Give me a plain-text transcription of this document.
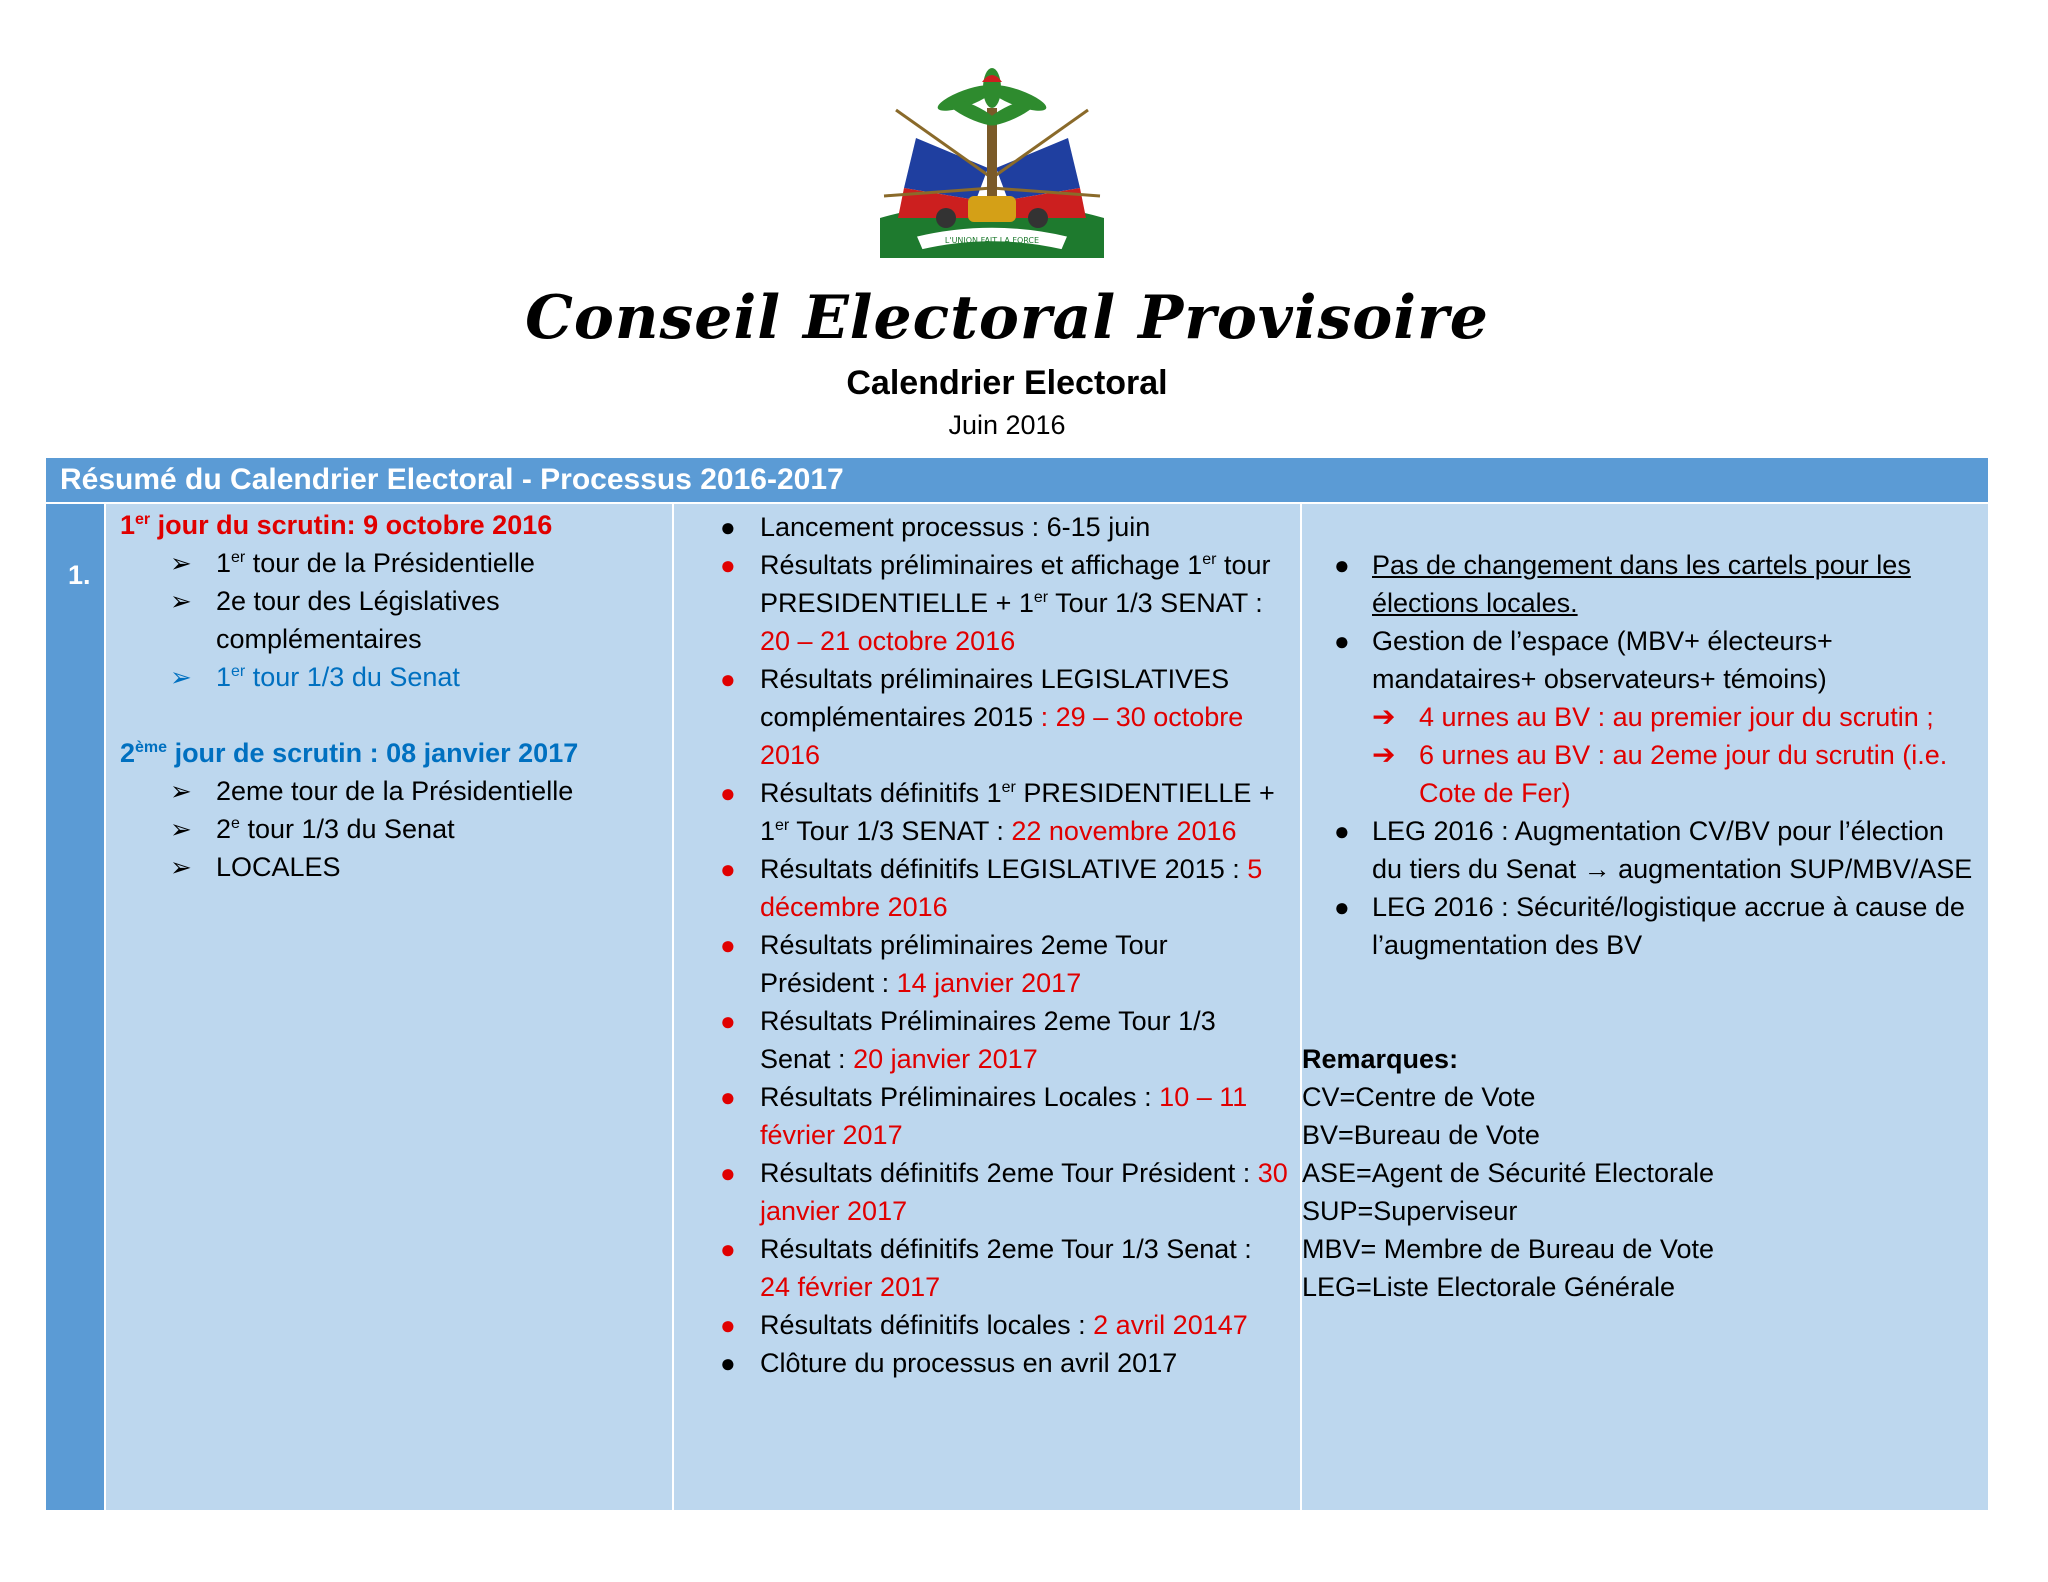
L'UNION FAIT LA FORCE
Conseil Electoral Provisoire
Calendrier Electoral
Juin 2016
Résumé du Calendrier Electoral - Processus 2016-2017
1.
1er jour du scrutin: 9 octobre 2016
➢ 1er tour de la Présidentielle
➢ 2e tour des Législatives complémentaires
➢ 1er tour 1/3 du Senat
2ème jour de scrutin : 08 janvier 2017
➢ 2eme tour de la Présidentielle
➢ 2e tour 1/3 du Senat
➢ LOCALES
● Lancement processus : 6-15 juin
● Résultats préliminaires et affichage 1er tour PRESIDENTIELLE + 1er Tour 1/3 SENAT : 20 – 21 octobre 2016
● Résultats préliminaires LEGISLATIVES complémentaires 2015 : 29 – 30 octobre 2016
● Résultats définitifs 1er PRESIDENTIELLE + 1er Tour 1/3 SENAT : 22 novembre 2016
● Résultats définitifs LEGISLATIVE 2015 : 5 décembre 2016
● Résultats préliminaires 2eme Tour Président : 14 janvier 2017
● Résultats Préliminaires 2eme Tour 1/3 Senat : 20 janvier 2017
● Résultats Préliminaires Locales : 10 – 11 février 2017
● Résultats définitifs 2eme Tour Président : 30 janvier 2017
● Résultats définitifs 2eme Tour 1/3 Senat : 24 février 2017
● Résultats définitifs locales : 2 avril 20147
● Clôture du processus en avril 2017
● Pas de changement dans les cartels pour les élections locales.
● Gestion de l’espace (MBV+ électeurs+ mandataires+ observateurs+ témoins)
➔ 4 urnes au BV : au premier jour du scrutin ;
➔ 6 urnes au BV : au 2eme jour du scrutin (i.e. Cote de Fer)
● LEG 2016 : Augmentation CV/BV pour l’élection du tiers du Senat → augmentation SUP/MBV/ASE
● LEG 2016 : Sécurité/logistique accrue à cause de l’augmentation des BV
Remarques:
CV=Centre de Vote
BV=Bureau de Vote
ASE=Agent de Sécurité Electorale
SUP=Superviseur
MBV= Membre de Bureau de Vote
LEG=Liste Electorale Générale
